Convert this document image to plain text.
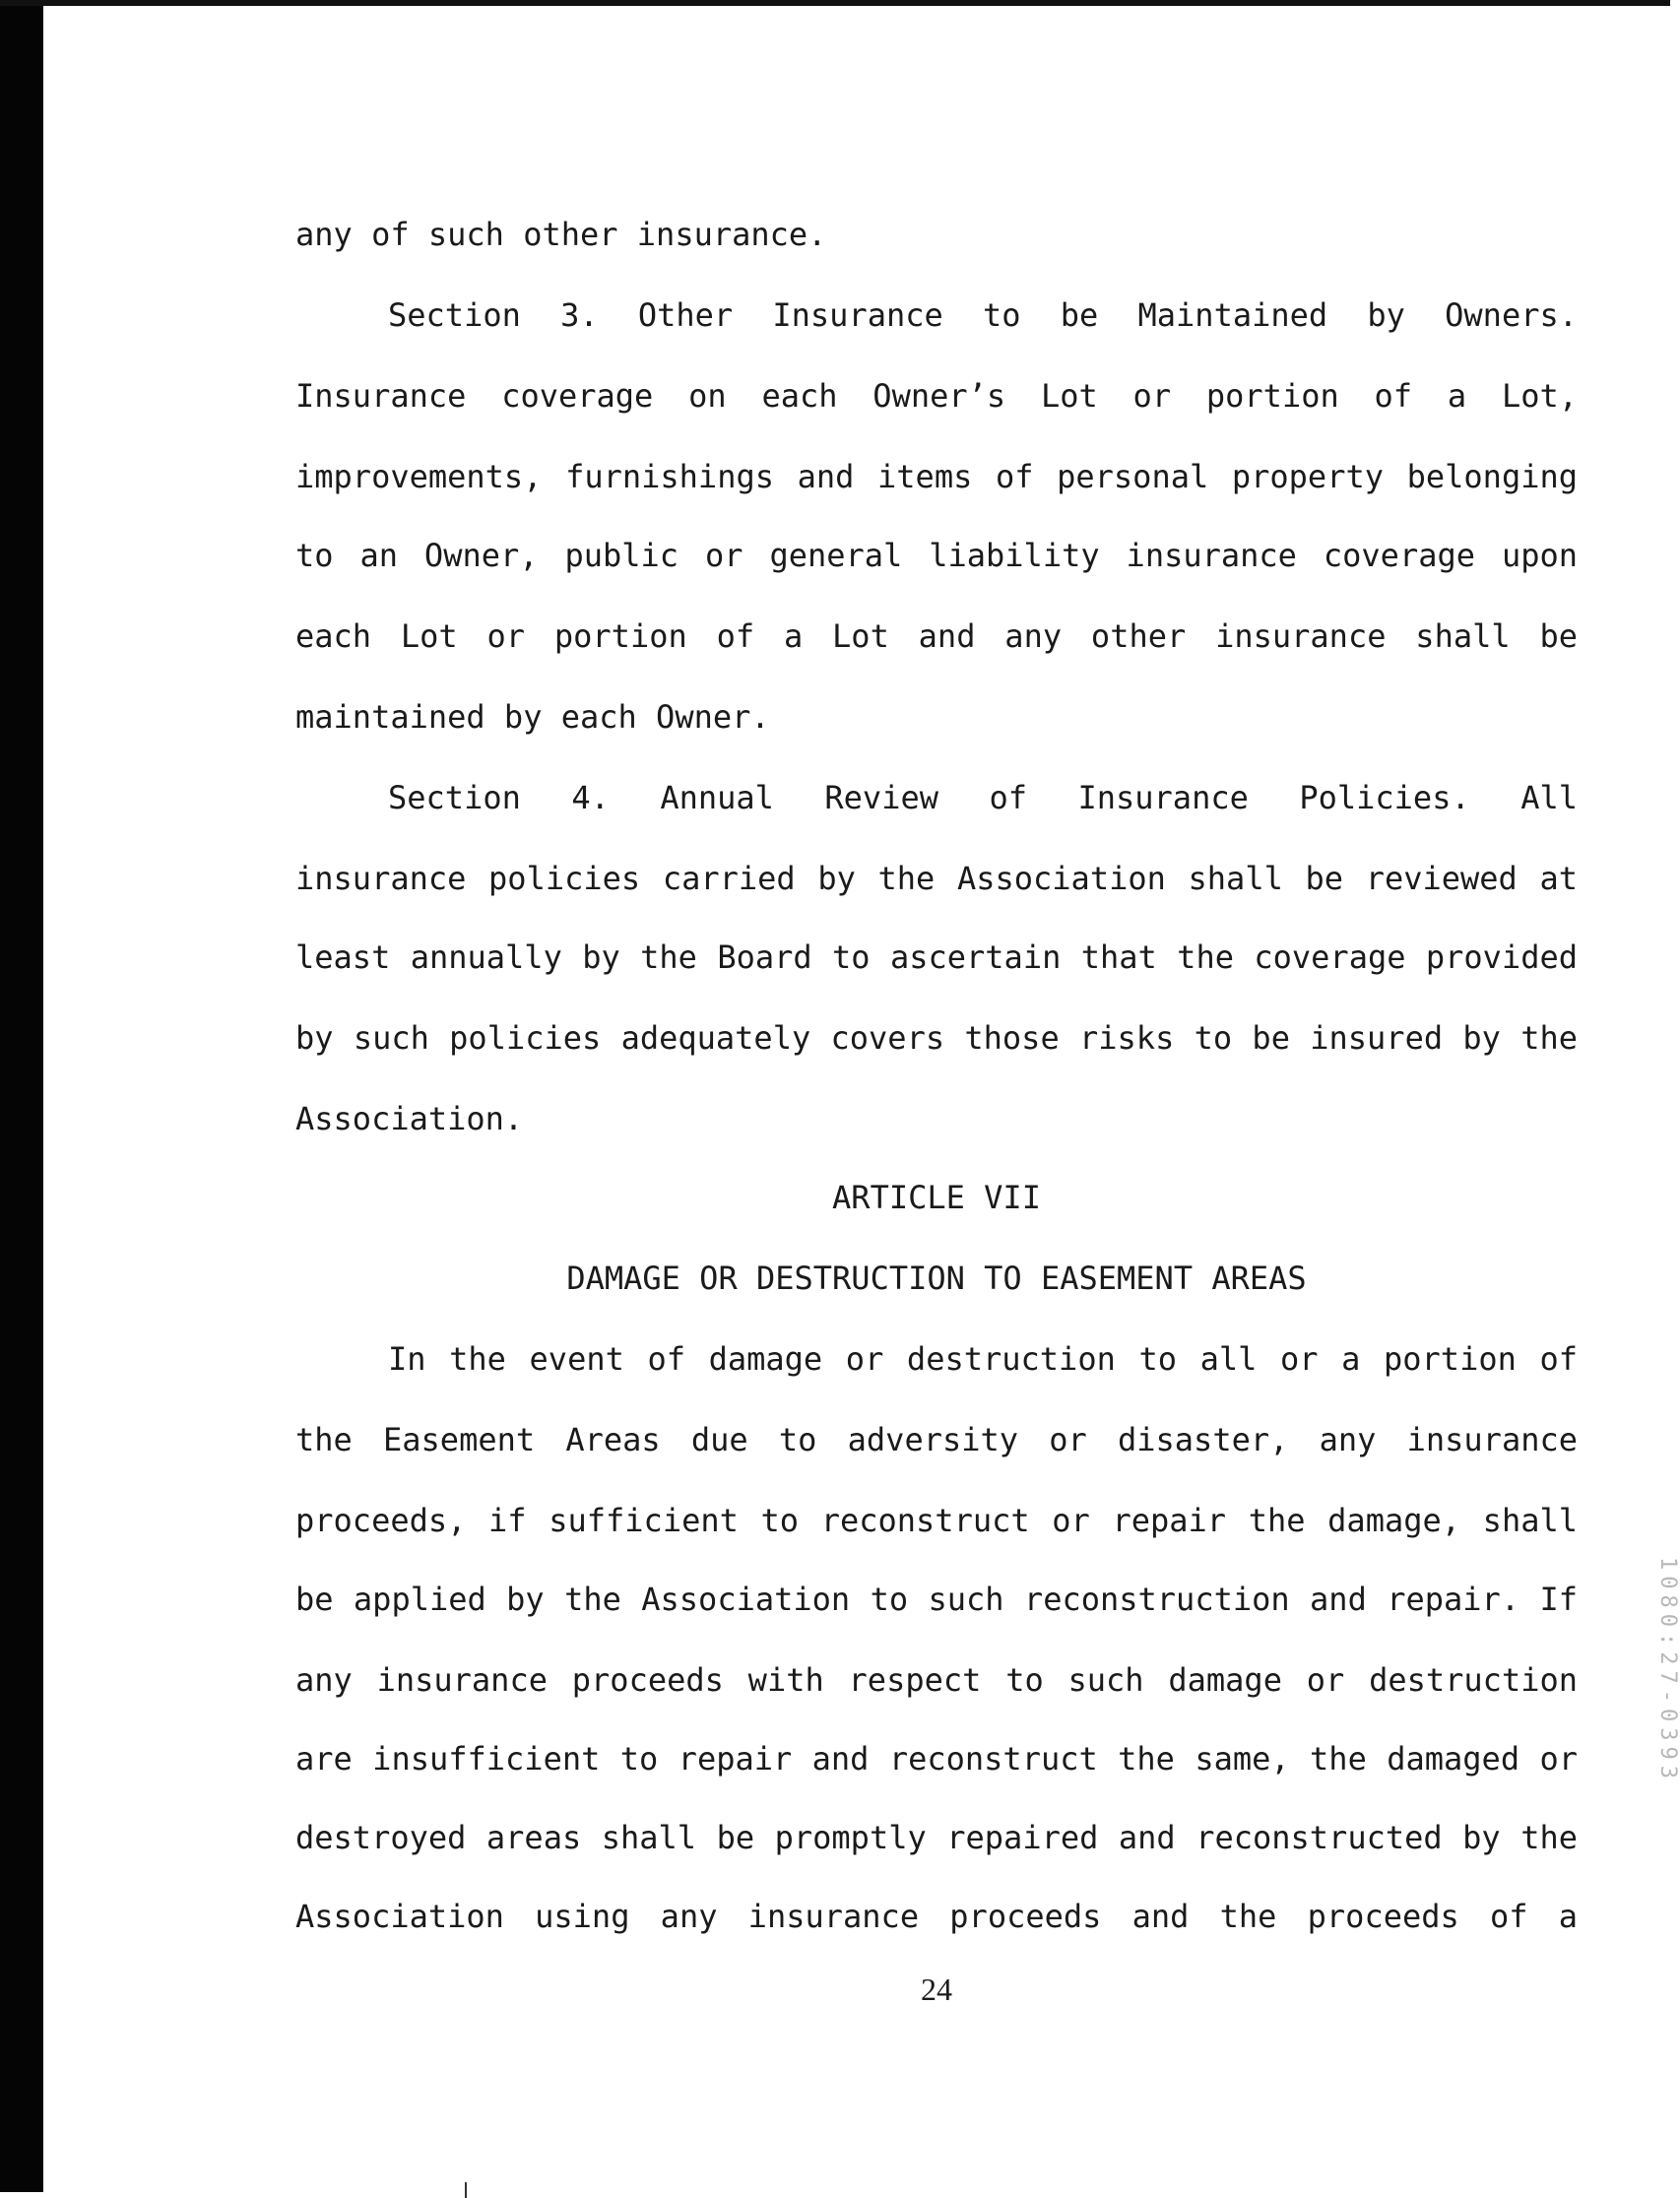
any of such other insurance.
Section 3. Other Insurance to be Maintained by Owners.
Insurance coverage on each Owner’s Lot or portion of a Lot,
improvements, furnishings and items of personal property belonging
to an Owner, public or general liability insurance coverage upon
each Lot or portion of a Lot and any other insurance shall be
maintained by each Owner.
Section 4. Annual Review of Insurance Policies. All
insurance policies carried by the Association shall be reviewed at
least annually by the Board to ascertain that the coverage provided
by such policies adequately covers those risks to be insured by the
Association.
ARTICLE VII
DAMAGE OR DESTRUCTION TO EASEMENT AREAS
In the event of damage or destruction to all or a portion of
the Easement Areas due to adversity or disaster, any insurance
proceeds, if sufficient to reconstruct or repair the damage, shall
be applied by the Association to such reconstruction and repair. If
any insurance proceeds with respect to such damage or destruction
are insufficient to repair and reconstruct the same, the damaged or
destroyed areas shall be promptly repaired and reconstructed by the
Association using any insurance proceeds and the proceeds of a
24
1080:27-0393
